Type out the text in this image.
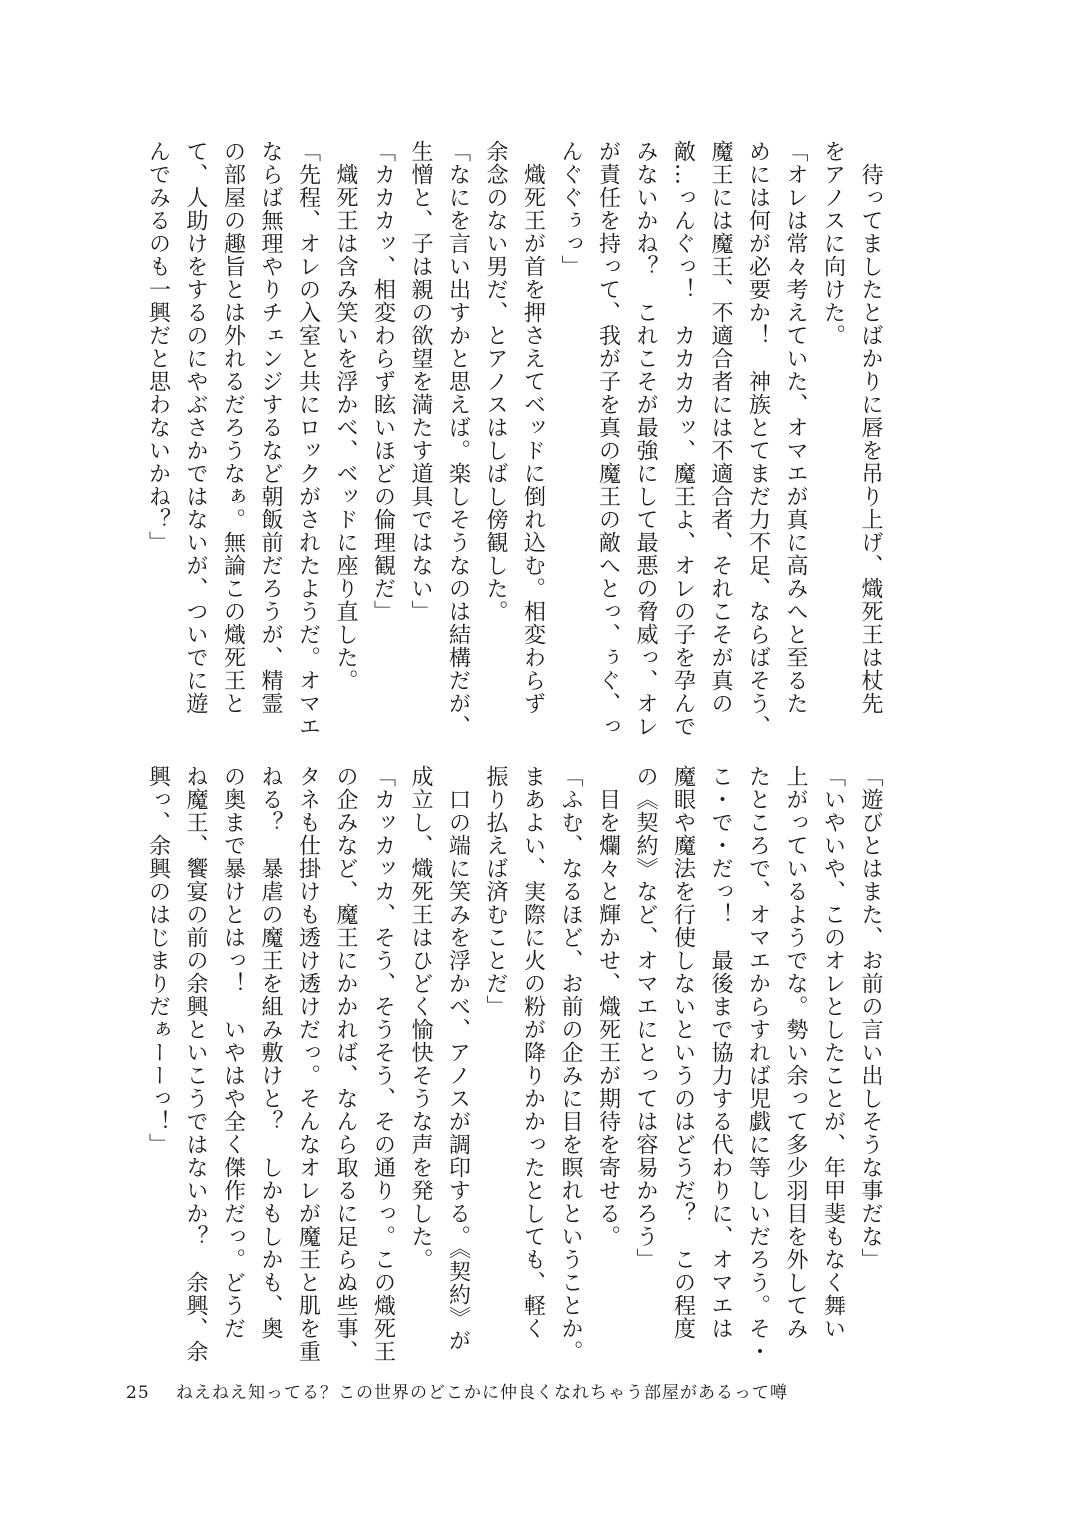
　待ってましたとばかりに唇を吊り上げ、熾死王は杖先
をアノスに向けた。
「オレは常々考えていた、オマエが真に高みへと至るた
めには何が必要か！　神族とてまだ力不足、ならばそう、
魔王には魔王、不適合者には不適合者、それこそが真の
敵…っんぐっ！　カカカカッ、魔王よ、オレの子を孕んで
みないかね？　これこそが最強にして最悪の脅威っ、オレ
が責任を持って、我が子を真の魔王の敵へとっ、ぅぐ、っ
んぐぐぅっ」
　熾死王が首を押さえてベッドに倒れ込む。相変わらず
余念のない男だ、とアノスはしばし傍観した。
「なにを言い出すかと思えば。楽しそうなのは結構だが、
生憎と、子は親の欲望を満たす道具ではない」
「カカカッ、相変わらず眩いほどの倫理観だ」
　熾死王は含み笑いを浮かべ、ベッドに座り直した。
「先程、オレの入室と共にロックがされたようだ。オマエ
ならば無理やりチェンジするなど朝飯前だろうが、精霊
の部屋の趣旨とは外れるだろうなぁ。無論この熾死王と
て、人助けをするのにやぶさかではないが、ついでに遊
んでみるのも一興だと思わないかね？」
「遊びとはまた、お前の言い出しそうな事だな」
「いやいや、このオレとしたことが、年甲斐もなく舞い
上がっているようでな。勢い余って多少羽目を外してみ
たところで、オマエからすれば児戯に等しいだろう。そ・
こ・で・だっ！　最後まで協力する代わりに、オマエは
魔眼や魔法を行使しないというのはどうだ？　この程度
の《契約》など、オマエにとっては容易かろう」
　目を爛々と輝かせ、熾死王が期待を寄せる。
「ふむ、なるほど、お前の企みに目を瞑れということか。
まあよい、実際に火の粉が降りかかったとしても、軽く
振り払えば済むことだ」
　口の端に笑みを浮かべ、アノスが調印する。《契約》が
成立し、熾死王はひどく愉快そうな声を発した。
「カッカッカ、そう、そうそう、その通りっ。この熾死王
の企みなど、魔王にかかれば、なんら取るに足らぬ些事、
タネも仕掛けも透け透けだっ。そんなオレが魔王と肌を重
ねる？　暴虐の魔王を組み敷けと？　しかもしかも、奥
の奥まで暴けとはっ！　いやはや全く傑作だっ。どうだ
ね魔王、饗宴の前の余興といこうではないか？　余興、余
興っ、余興のはじまりだぁーーっ！」
25 ねえねえ知ってる？この世界のどこかに仲良くなれちゃう部屋があるって噂
